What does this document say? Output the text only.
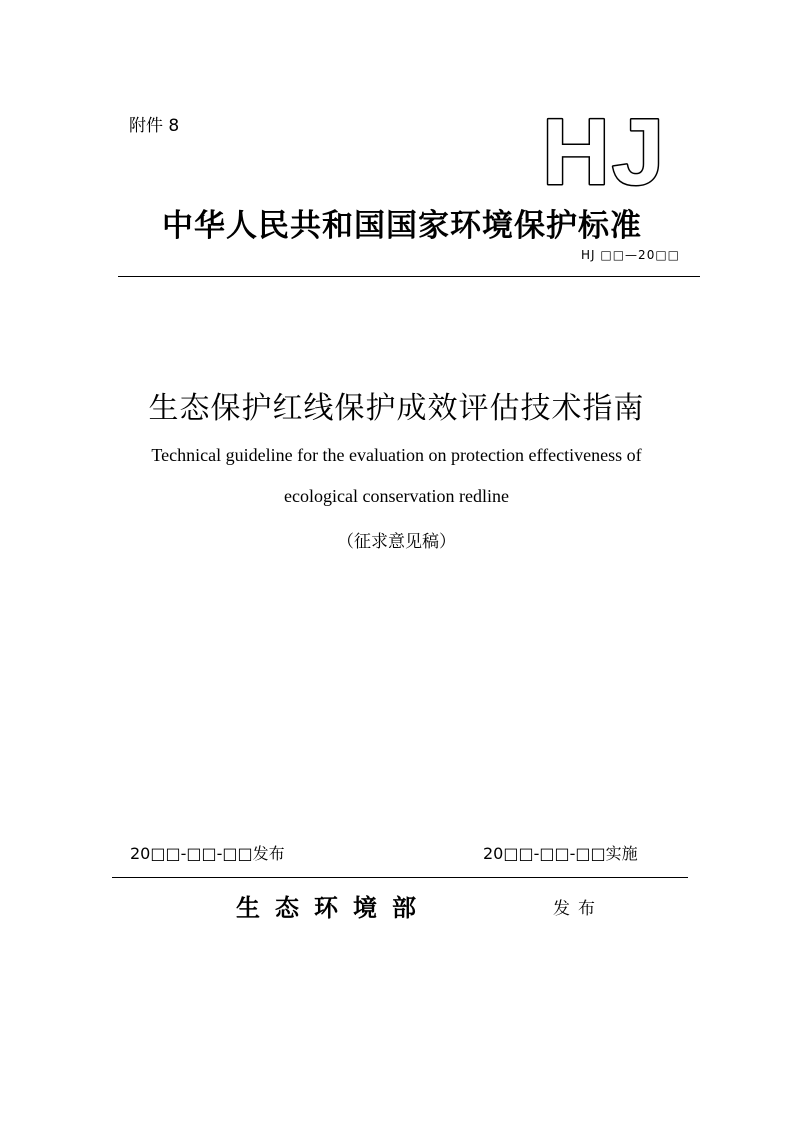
附件 8	HJ
中华人民共和国国家环境保护标准
HJ □□—20□□
生态保护红线保护成效评估技术指南
Technical guideline for the evaluation on protection effectiveness of
ecological conservation redline
（征求意见稿）
20□□-□□-□□发布	20□□-□□-□□实施
生态环境部	发布
